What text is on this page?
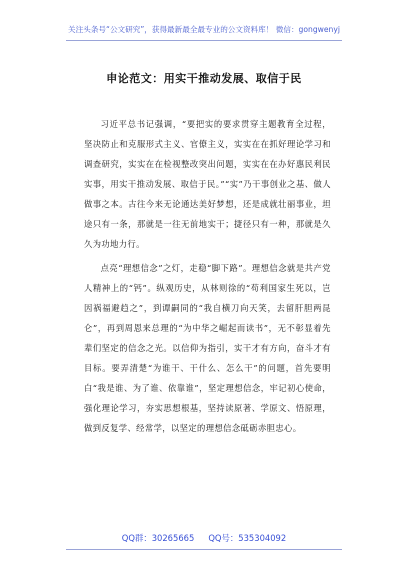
关注头条号“公文研究”，获得最新最全最专业的公文资料库！ 微信：gongwenyj
申论范文：用实干推动发展、取信于民

习近平总书记强调，“要把实的要求贯穿主题教育全过程，坚决防止和克服形式主义、官僚主义，实实在在抓好理论学习和调查研究，实实在在检视整改突出问题，实实在在办好惠民利民实事，用实干推动发展、取信于民。”“实”乃干事创业之基、做人做事之本。古往今来无论通达美好梦想，还是成就壮丽事业，坦途只有一条，那就是一往无前地实干；捷径只有一种，那就是久久为功地力行。

点亮“理想信念”之灯，走稳“脚下路”。理想信念就是共产党人精神上的“钙”。纵观历史，从林则徐的“苟利国家生死以，岂因祸福避趋之”，到谭嗣同的“我自横刀向天笑，去留肝胆两昆仑”，再到周恩来总理的“为中华之崛起而读书”，无不彰显着先辈们坚定的信念之光。以信仰为指引，实干才有方向，奋斗才有目标。要弄清楚“为谁干、干什么、怎么干”的问题，首先要明白“我是谁、为了谁、依靠谁”，坚定理想信念，牢记初心使命，强化理论学习，夯实思想根基，坚持读原著、学原文、悟原理，做到反复学、经常学，以坚定的理想信念砥砺赤胆忠心。

QQ群：30265665 QQ号：535304092
